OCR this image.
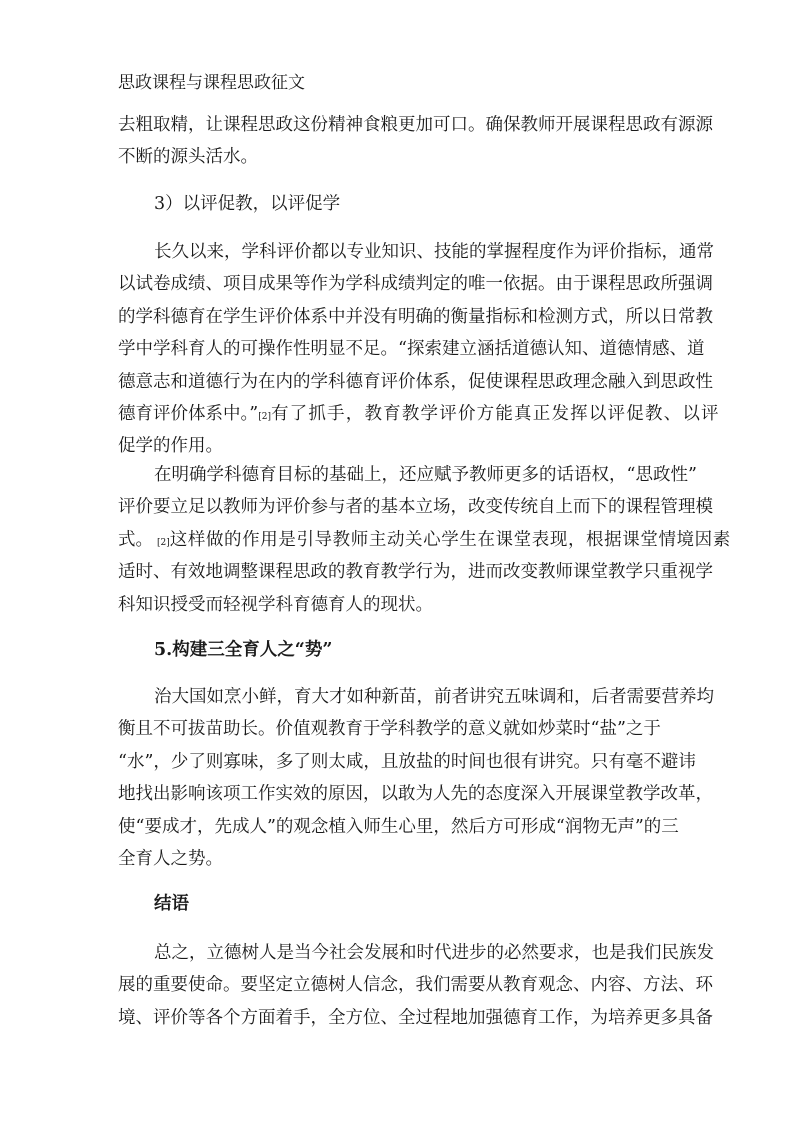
思政课程与课程思政征文
去粗取精，让课程思政这份精神食粮更加可口。确保教师开展课程思政有源源
不断的源头活水。
3）以评促教，以评促学
长久以来，学科评价都以专业知识、技能的掌握程度作为评价指标，通常
以试卷成绩、项目成果等作为学科成绩判定的唯一依据。由于课程思政所强调
的学科德育在学生评价体系中并没有明确的衡量指标和检测方式，所以日常教
学中学科育人的可操作性明显不足。“探索建立涵括道德认知、道德情感、道
德意志和道德行为在内的学科德育评价体系，促使课程思政理念融入到思政性
德育评价体系中。” [2] 有了抓手，教育教学评价方能真正发挥以评促教、以评
促学的作用。
在明确学科德育目标的基础上，还应赋予教师更多的话语权，“思政性”
评价要立足以教师为评价参与者的基本立场，改变传统自上而下的课程管理模
式。 [2] 这样做的作用是引导教师主动关心学生在课堂表现，根据课堂情境因素
适时、有效地调整课程思政的教育教学行为，进而改变教师课堂教学只重视学
科知识授受而轻视学科育德育人的现状。
5.构建三全育人之“势”
治大国如烹小鲜，育大才如种新苗，前者讲究五味调和，后者需要营养均
衡且不可拔苗助长。价值观教育于学科教学的意义就如炒菜时“盐”之于
“水”，少了则寡味，多了则太咸，且放盐的时间也很有讲究。只有毫不避讳
地找出影响该项工作实效的原因，以敢为人先的态度深入开展课堂教学改革，
使“要成才，先成人”的观念植入师生心里，然后方可形成“润物无声”的三
全育人之势。
结语
总之，立德树人是当今社会发展和时代进步的必然要求，也是我们民族发
展的重要使命。要坚定立德树人信念，我们需要从教育观念、内容、方法、环
境、评价等各个方面着手，全方位、全过程地加强德育工作，为培养更多具备
